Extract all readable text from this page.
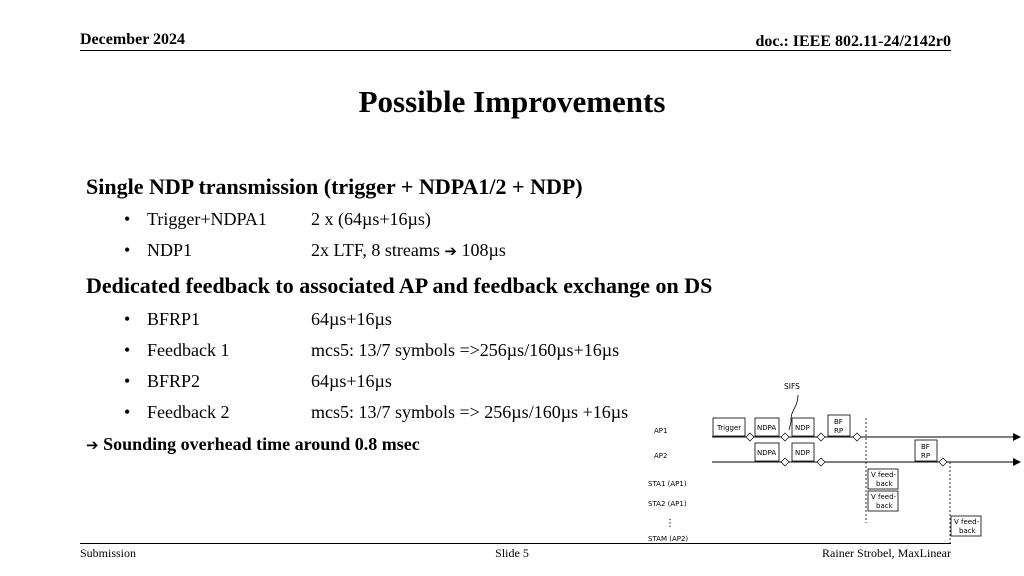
December 2024	doc.: IEEE 802.11-24/2142r0
Possible Improvements
Single NDP transmission (trigger + NDPA1/2 + NDP)
• Trigger+NDPA1 2 x (64µs+16µs)
• NDP1	2x LTF, 8 streams ➔ 108µs
Dedicated feedback to associated AP and feedback exchange on DS
• BFRP1	64µs+16µs
• Feedback 1	mcs5: 13/7 symbols =>256µs/160µs+16µs
• BFRP2	64µs+16µs
• Feedback 2	mcs5: 13/7 symbols => 256µs/160µs +16µs
➔ Sounding overhead time around 0.8 msec
SIFS
AP1
AP2
STA1 (AP1)
STA2 (AP1)
⋮
STAM (AP2)
Trigger NDPA	NDP
BF
RP
NDPA	NDP
BF
RP
V feed-
back
V feed-
back
V feed-
back
Submission	Slide 5	Rainer Strobel, MaxLinear
